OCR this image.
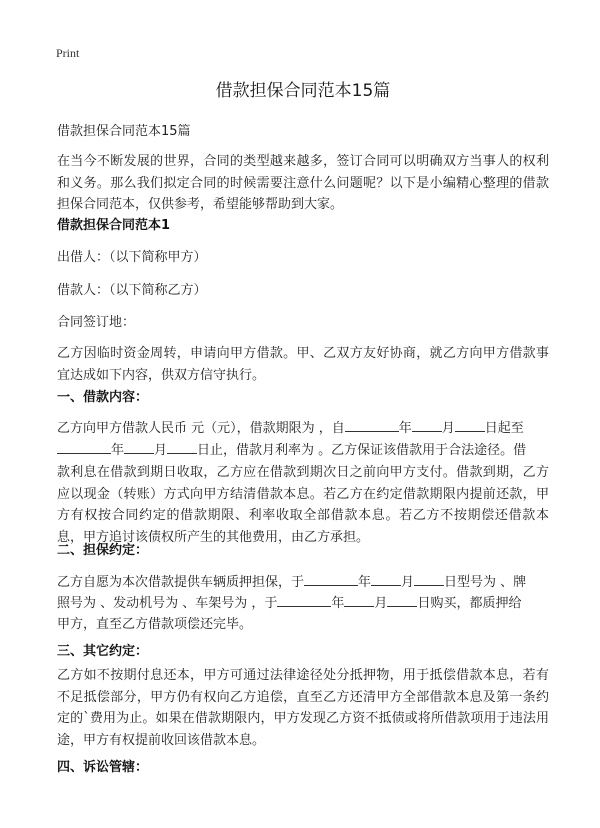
Print
借款担保合同范本15篇

借款担保合同范本15篇

在当今不断发展的世界，合同的类型越来越多，签订合同可以明确双方当事人的权利和义务。那么我们拟定合同的时候需要注意什么问题呢？以下是小编精心整理的借款担保合同范本，仅供参考，希望能够帮助到大家。

借款担保合同范本1

出借人：（以下简称甲方）

借款人：（以下简称乙方）

合同签订地：

乙方因临时资金周转，申请向甲方借款。甲、乙双方友好协商，就乙方向甲方借款事宜达成如下内容，供双方信守执行。

一、借款内容：

乙方向甲方借款人民币 元（元），借款期限为 ，自	年 月 日起至

年 月 日止，借款月利率为 。乙方保证该借款用于合法途径。借

款利息在借款到期日收取，乙方应在借款到期次日之前向甲方支付。借款到期，乙方应以现金（转账）方式向甲方结清借款本息。若乙方在约定借款期限内提前还款，甲方有权按合同约定的借款期限、利率收取全部借款本息。若乙方不按期偿还借款本息，甲方追讨该债权所产生的其他费用，由乙方承担。

二、担保约定：

乙方自愿为本次借款提供车辆质押担保，于	年 月 日型号为 、牌

照号为 、发动机号为 、车架号为 ，于	年 月 日购买，都质押给

甲方，直至乙方借款项偿还完毕。

三、其它约定：

乙方如不按期付息还本，甲方可通过法律途径处分抵押物，用于抵偿借款本息，若有不足抵偿部分，甲方仍有权向乙方追偿，直至乙方还清甲方全部借款本息及第一条约定的`费用为止。如果在借款期限内，甲方发现乙方资不抵债或将所借款项用于违法用途，甲方有权提前收回该借款本息。

四、诉讼管辖：
